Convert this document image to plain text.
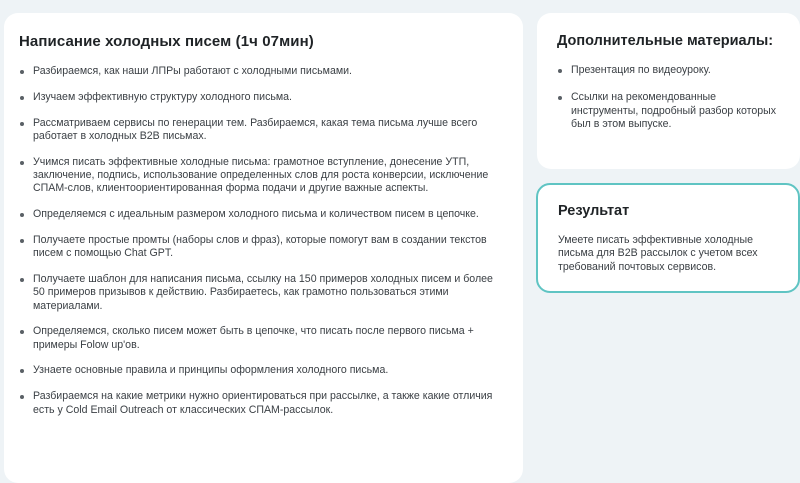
Написание холодных писем (1ч 07мин)
Разбираемся, как наши ЛПРы работают с холодными письмами.
Изучаем эффективную структуру холодного письма.
Рассматриваем сервисы по генерации тем. Разбираемся, какая тема письма лучше всего работает в холодных B2B письмах.
Учимся писать эффективные холодные письма: грамотное вступление, донесение УТП, заключение, подпись, использование определенных слов для роста конверсии, исключение СПАМ-слов, клиентоориентированная форма подачи и другие важные аспекты.
Определяемся с идеальным размером холодного письма и количеством писем в цепочке.
Получаете простые промты (наборы слов и фраз), которые помогут вам в создании текстов писем с помощью Chat GPT.
Получаете шаблон для написания письма, ссылку на 150 примеров холодных писем и более 50 примеров призывов к действию. Разбираетесь, как грамотно пользоваться этими материалами.
Определяемся, сколько писем может быть в цепочке, что писать после первого письма + примеры Folow up'ов.
Узнаете основные правила и принципы оформления холодного письма.
Разбираемся на какие метрики нужно ориентироваться при рассылке, а также какие отличия есть у Cold Email Outreach от классических СПАМ-рассылок.
Дополнительные материалы:
Презентация по видеоуроку.
Ссылки на рекомендованные инструменты, подробный разбор которых был в этом выпуске.
Результат

Умеете писать эффективные холодные письма для B2B рассылок с учетом всех требований почтовых сервисов.
